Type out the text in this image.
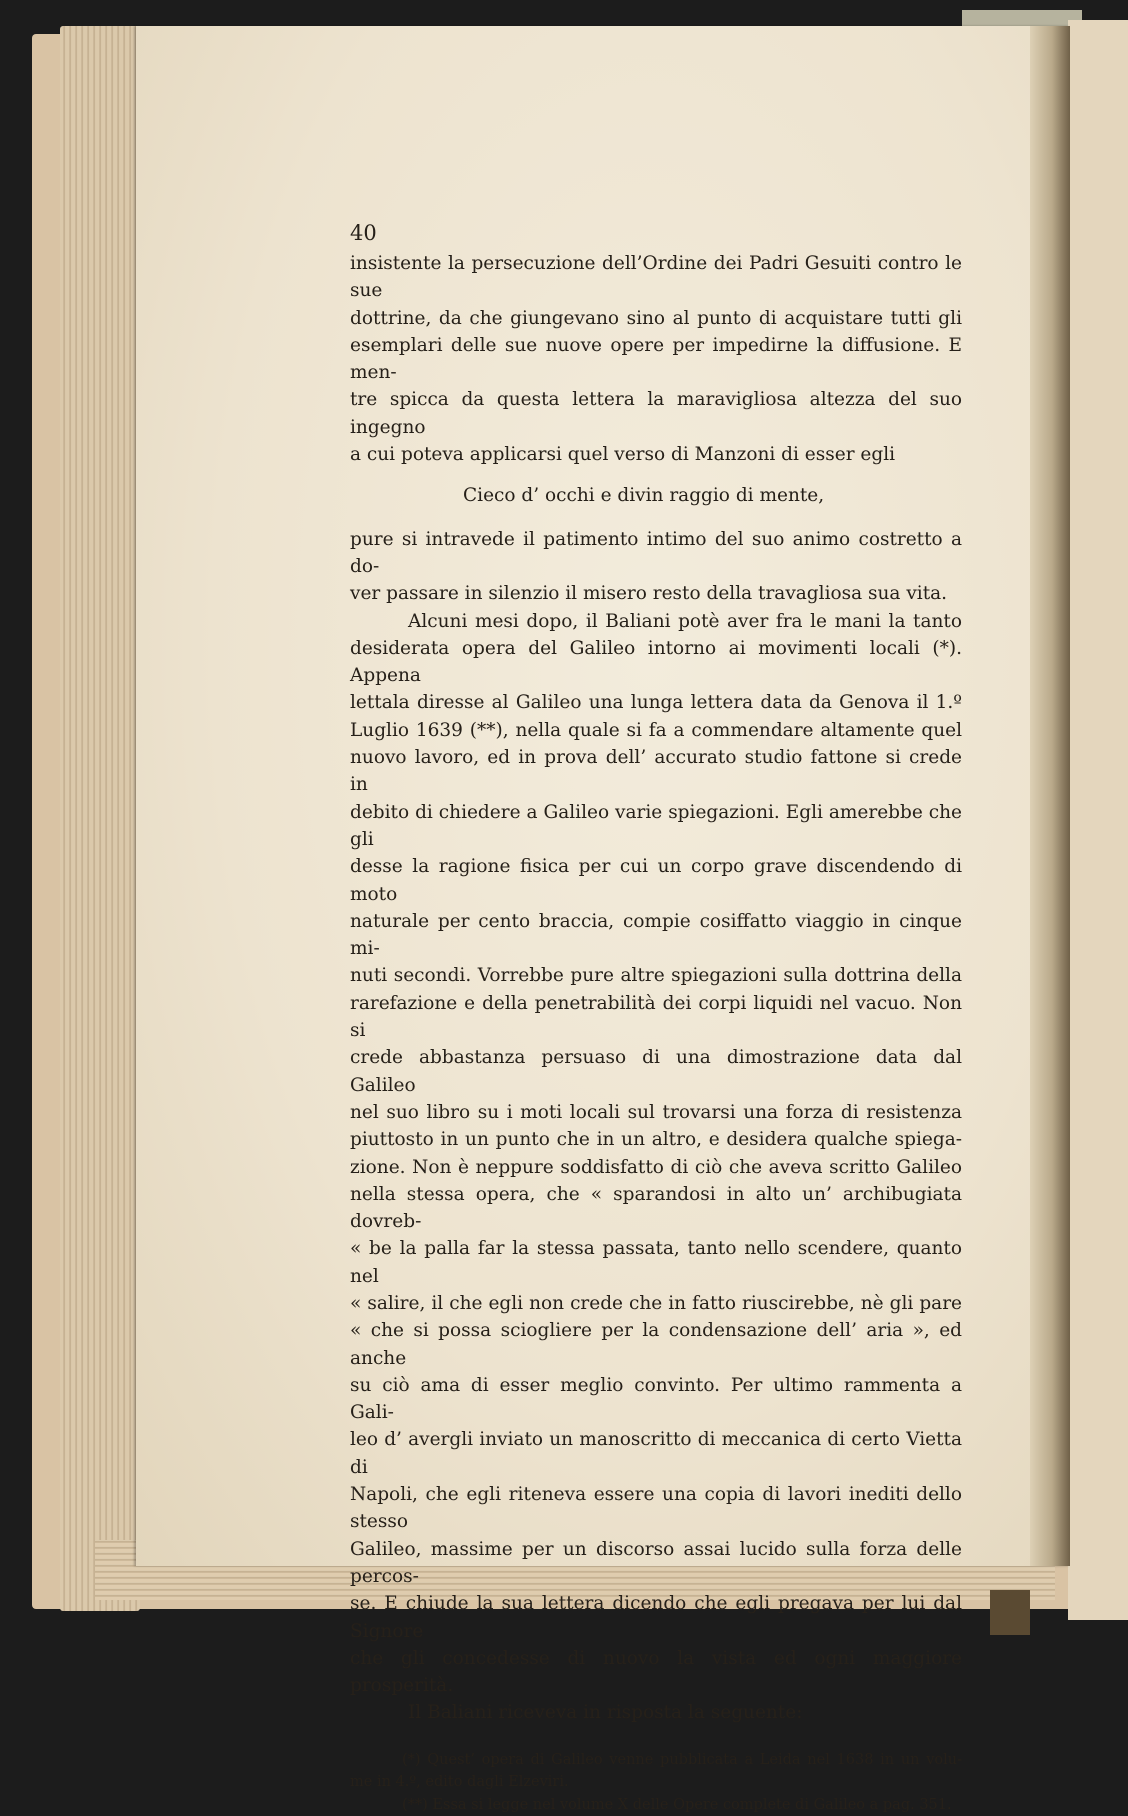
40

insistente la persecuzione dell’Ordine dei Padri Gesuiti contro le sue

dottrine, da che giungevano sino al punto di acquistare tutti gli

esemplari delle sue nuove opere per impedirne la diffusione. E men-

tre spicca da questa lettera la maravigliosa altezza del suo ingegno

a cui poteva applicarsi quel verso di Manzoni di esser egli

Cieco d’ occhi e divin raggio di mente,

pure si intravede il patimento intimo del suo animo costretto a do-

ver passare in silenzio il misero resto della travagliosa sua vita.

Alcuni mesi dopo, il Baliani potè aver fra le mani la tanto

desiderata opera del Galileo intorno ai movimenti locali (*). Appena

lettala diresse al Galileo una lunga lettera data da Genova il 1.º

Luglio 1639 (**), nella quale si fa a commendare altamente quel

nuovo lavoro, ed in prova dell’ accurato studio fattone si crede in

debito di chiedere a Galileo varie spiegazioni. Egli amerebbe che gli

desse la ragione fisica per cui un corpo grave discendendo di moto

naturale per cento braccia, compie cosiffatto viaggio in cinque mi-

nuti secondi. Vorrebbe pure altre spiegazioni sulla dottrina della

rarefazione e della penetrabilità dei corpi liquidi nel vacuo. Non si

crede abbastanza persuaso di una dimostrazione data dal Galileo

nel suo libro su i moti locali sul trovarsi una forza di resistenza

piuttosto in un punto che in un altro, e desidera qualche spiega-

zione. Non è neppure soddisfatto di ciò che aveva scritto Galileo

nella stessa opera, che « sparandosi in alto un’ archibugiata dovreb-

« be la palla far la stessa passata, tanto nello scendere, quanto nel

« salire, il che egli non crede che in fatto riuscirebbe, nè gli pare

« che si possa sciogliere per la condensazione dell’ aria », ed anche

su ciò ama di esser meglio convinto. Per ultimo rammenta a Gali-

leo d’ avergli inviato un manoscritto di meccanica di certo Vietta di

Napoli, che egli riteneva essere una copia di lavori inediti dello stesso

Galileo, massime per un discorso assai lucido sulla forza delle percos-

se. E chiude la sua lettera dicendo che egli pregava per lui dal Signore

che gli concedesse di nuovo la vista ed ogni maggiore prosperità.

Il Baliani riceveva in risposta la seguente:

(*) Quest’ opera di Galileo venne pubblicata a Leida nel 1638 in un volu-

me in 4.º, edito dagli Elzeviri.

(**) Essa si legge nel volume X delle Opere complete di Galileo a pag. 351.
